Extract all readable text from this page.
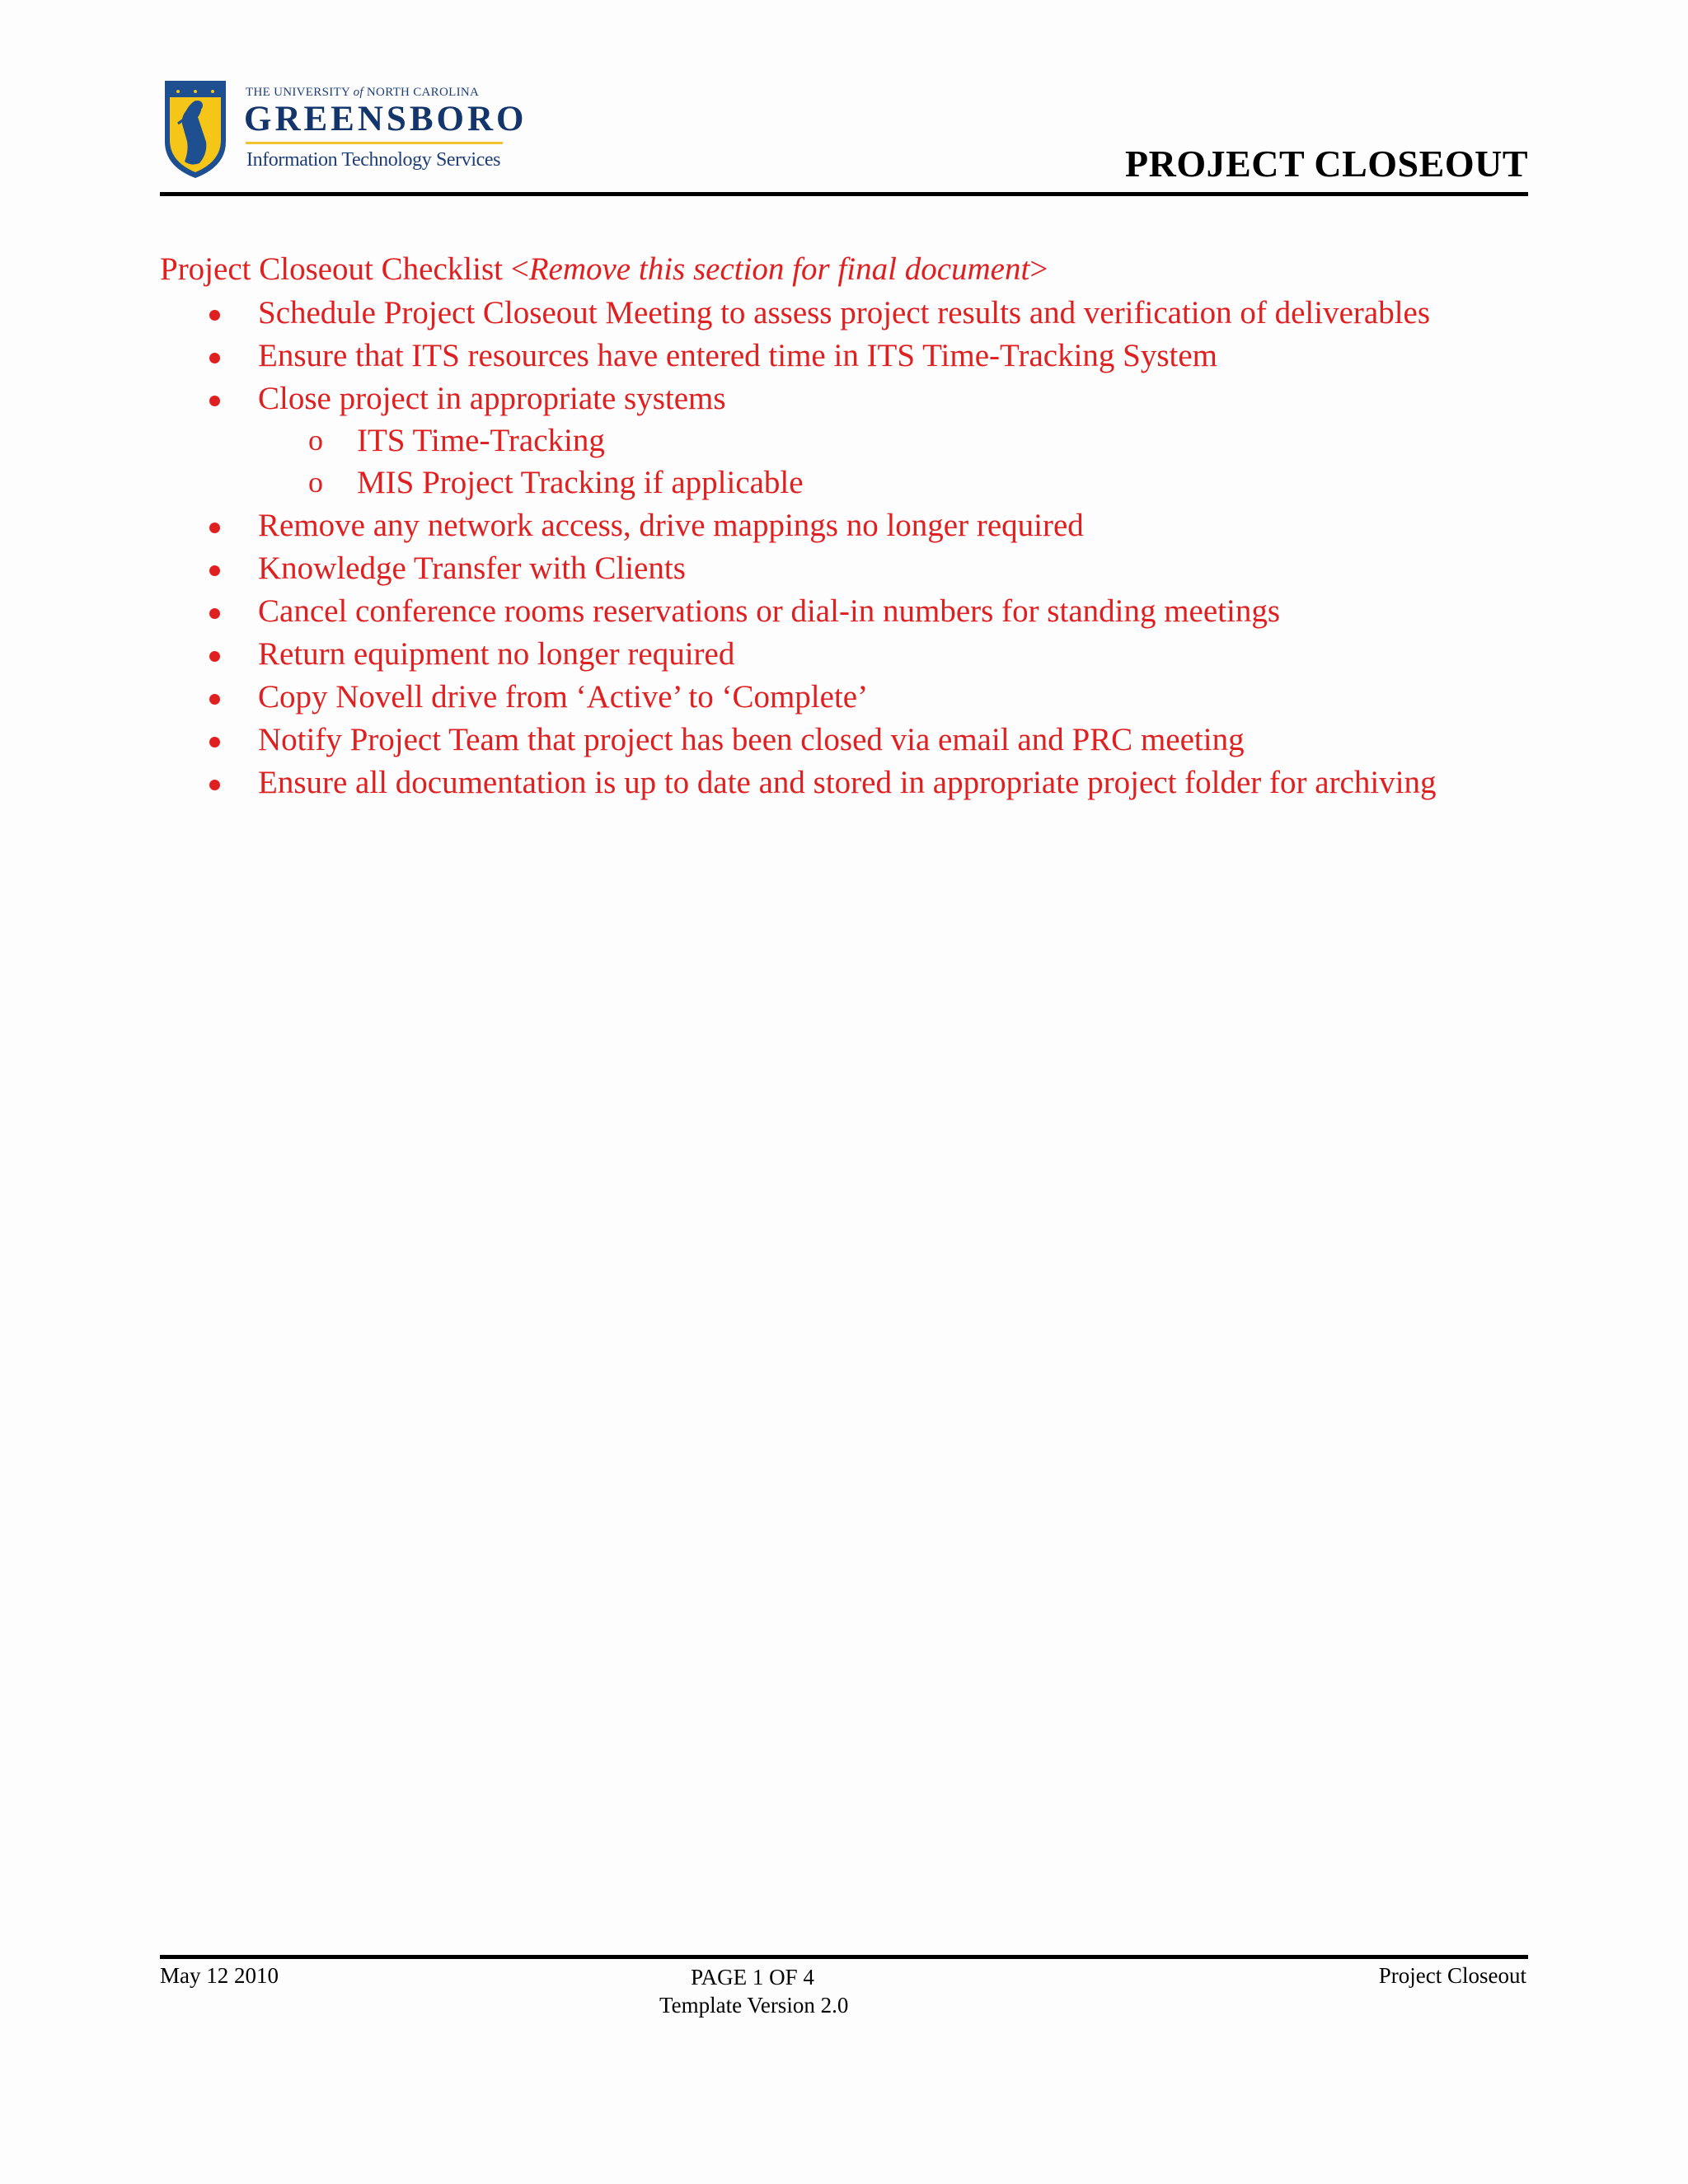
THE UNIVERSITY of NORTH CAROLINA
GREENSBORO
Information Technology Services	PROJECT CLOSEOUT
Project Closeout Checklist <Remove this section for final document>
Schedule Project Closeout Meeting to assess project results and verification of deliverables
Ensure that ITS resources have entered time in ITS Time-Tracking System
Close project in appropriate systems
o ITS Time-Tracking
o MIS Project Tracking if applicable
Remove any network access, drive mappings no longer required
Knowledge Transfer with Clients
Cancel conference rooms reservations or dial-in numbers for standing meetings
Return equipment no longer required
Copy Novell drive from ‘Active’ to ‘Complete’
Notify Project Team that project has been closed via email and PRC meeting
Ensure all documentation is up to date and stored in appropriate project folder for archiving
May 12 2010	PAGE 1 OF 4
Template Version 2.0
Project Closeout
